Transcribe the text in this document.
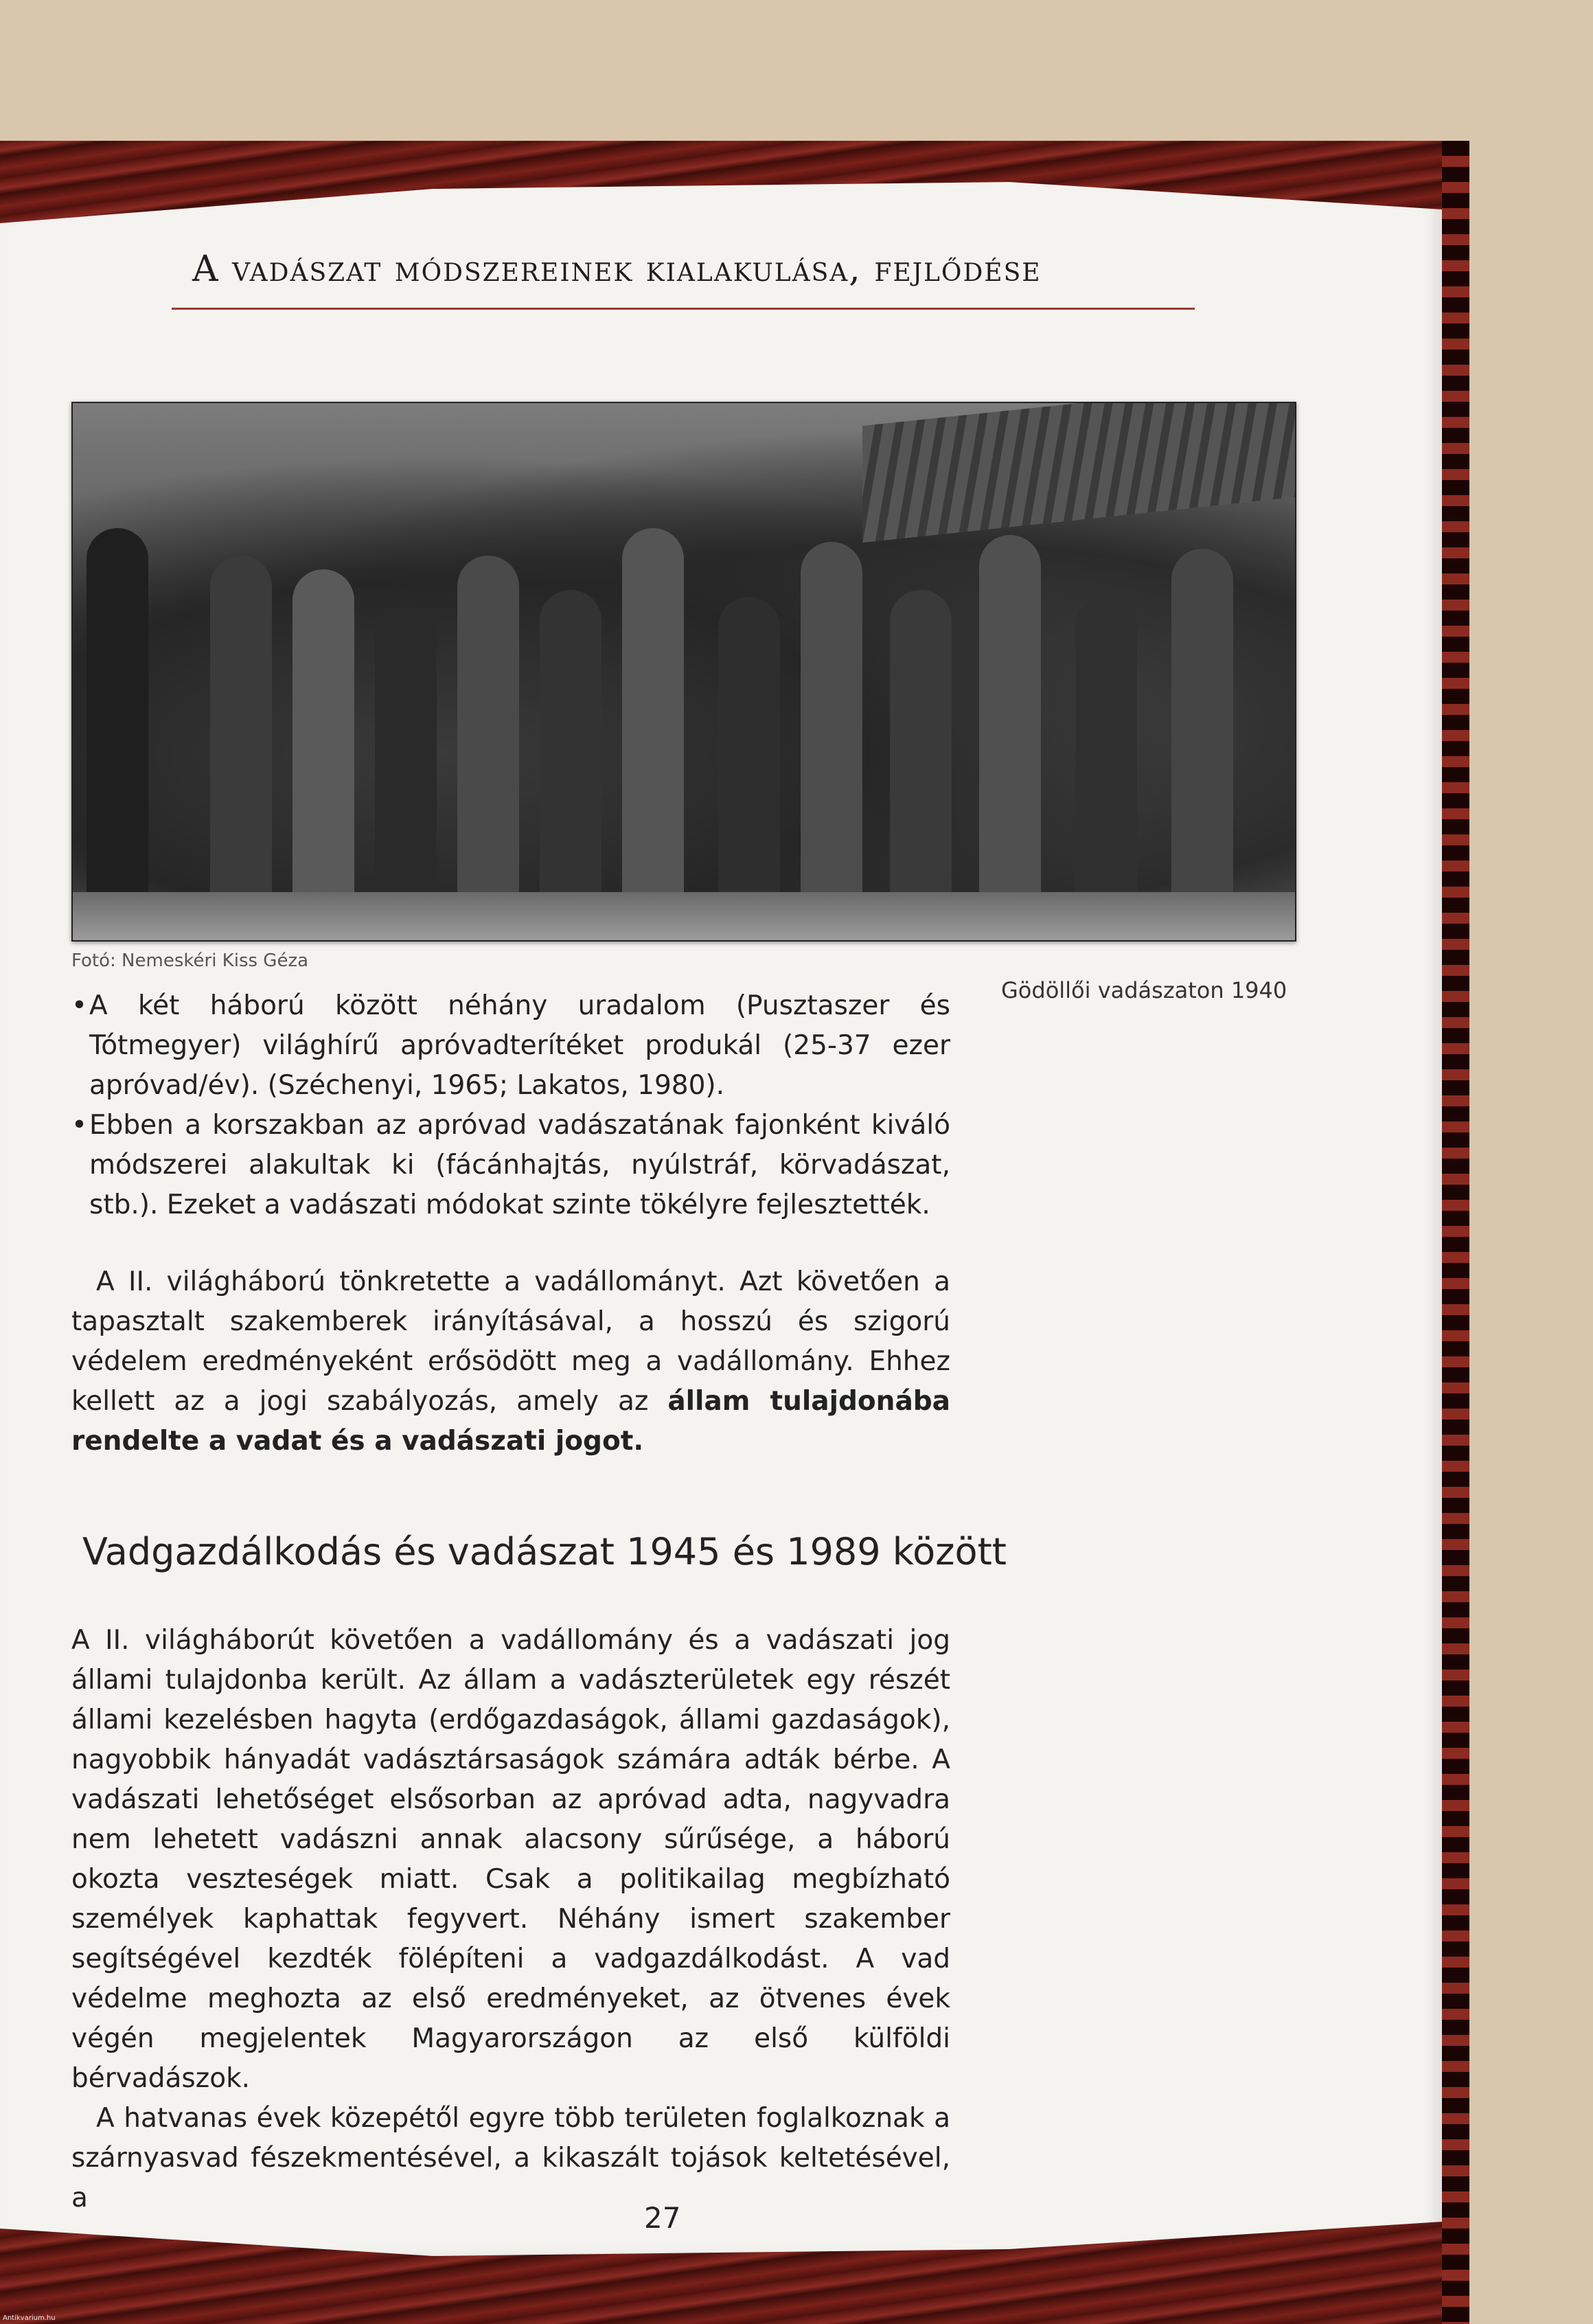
A vadászat módszereinek kialakulása, fejlődése
Fotó: Nemeskéri Kiss Géza
Gödöllői vadászaton 1940
• A két háború között néhány uradalom (Pusztaszer és Tótmegyer) világhírű apróvadterítéket produkál (25-37 ezer apróvad/év). (Széchenyi, 1965; Lakatos, 1980).
• Ebben a korszakban az apróvad vadászatának fajonként kiváló módszerei alakultak ki (fácánhajtás, nyúlstráf, körvadászat, stb.). Ezeket a vadászati módokat szinte tökélyre fejlesztették.
A II. világháború tönkretette a vadállományt. Azt követően a tapasztalt szakemberek irányításával, a hosszú és szigorú védelem eredményeként erősödött meg a vadállomány. Ehhez kellett az a jogi szabályozás, amely az állam tulajdonába rendelte a vadat és a vadászati jogot.
Vadgazdálkodás és vadászat 1945 és 1989 között
A II. világháborút követően a vadállomány és a vadászati jog állami tulajdonba került. Az állam a vadászterületek egy részét állami kezelésben hagyta (erdőgazdaságok, állami gazdaságok), nagyobbik hányadát vadásztársaságok számára adták bérbe. A vadászati lehetőséget elsősorban az apróvad adta, nagyvadra nem lehetett vadászni annak alacsony sűrűsége, a háború okozta veszteségek miatt. Csak a politikailag megbízható személyek kaphattak fegyvert. Néhány ismert szakember segítségével kezdték fölépíteni a vadgazdálkodást. A vad védelme meghozta az első eredményeket, az ötvenes évek végén megjelentek Magyarországon az első külföldi bérvadászok.
A hatvanas évek közepétől egyre több területen foglalkoznak a szárnyasvad fészekmentésével, a kikaszált tojások keltetésével, a
27
Antikvarium.hu
